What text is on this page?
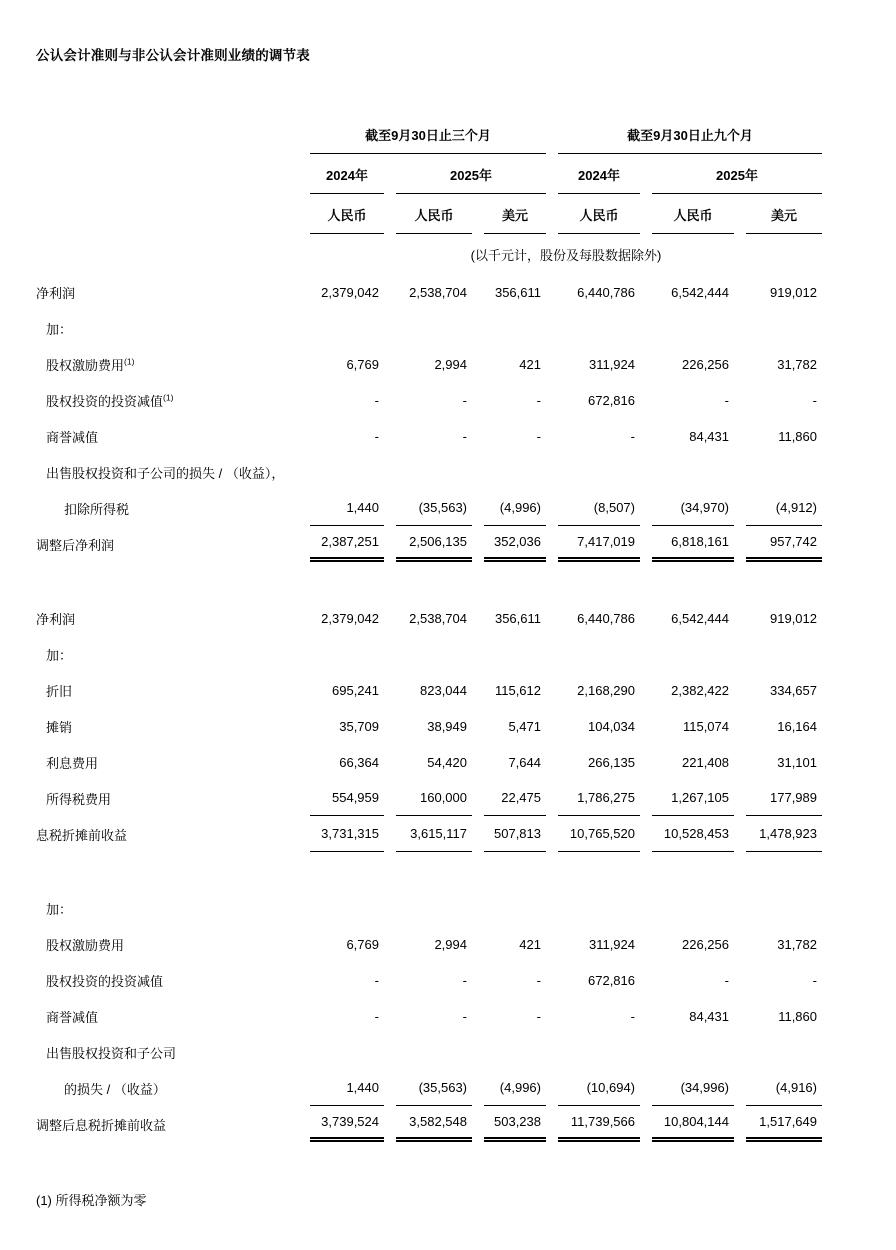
公认会计准则与非公认会计准则业绩的调节表
	截至9月30日止三个月			截至9月30日止九个月		
	2024年	2025年		2024年	2025年	
	人民币	人民币	美元	人民币	人民币	美元
	(以千元计，股份及每股数据除外)					
净利润	2,379,042	2,538,704	356,611	6,440,786	6,542,444	919,012
加：						
股权激励费用$^{(1)}$	6,769	2,994	421	311,924	226,256	31,782
股权投资的投资减值$^{(1)}$	-	-	-	672,816	-	-
商誉减值	-	-	-	-	84,431	11,860
出售股权投资和子公司的损失 / （收益），						
扣除所得税	1,440	(35,563)	(4,996)	(8,507)	(34,970)	(4,912)
调整后净利润	2,387,251	2,506,135	352,036	7,417,019	6,818,161	957,742

净利润	2,379,042	2,538,704	356,611	6,440,786	6,542,444	919,012
加：						
折旧	695,241	823,044	115,612	2,168,290	2,382,422	334,657
摊销	35,709	38,949	5,471	104,034	115,074	16,164
利息费用	66,364	54,420	7,644	266,135	221,408	31,101
所得税费用	554,959	160,000	22,475	1,786,275	1,267,105	177,989
息税折摊前收益	3,731,315	3,615,117	507,813	10,765,520	10,528,453	1,478,923

加：						
股权激励费用	6,769	2,994	421	311,924	226,256	31,782
股权投资的投资减值	-	-	-	672,816	-	-
商誉减值	-	-	-	-	84,431	11,860
出售股权投资和子公司						
的损失 / （收益）	1,440	(35,563)	(4,996)	(10,694)	(34,996)	(4,916)
调整后息税折摊前收益	3,739,524	3,582,548	503,238	11,739,566	10,804,144	1,517,649
(1) 所得税净额为零
